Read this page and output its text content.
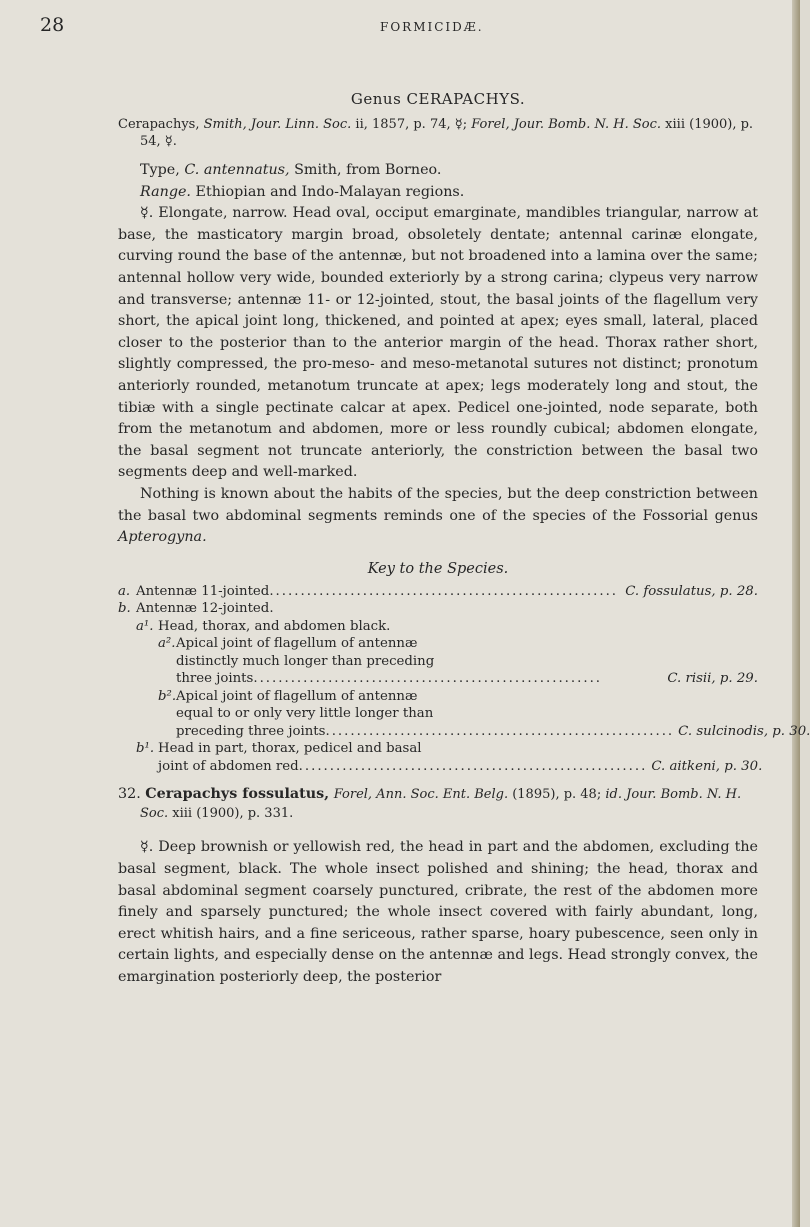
28	FORMICIDÆ.
Genus CERAPACHYS.

Cerapachys, Smith, Jour. Linn. Soc. ii, 1857, p. 74, ☿; Forel, Jour. Bomb. N. H. Soc. xiii (1900), p. 54, ☿.

Type, C. antennatus, Smith, from Borneo.

Range. Ethiopian and Indo-Malayan regions.

☿. Elongate, narrow. Head oval, occiput emarginate, mandibles triangular, narrow at base, the masticatory margin broad, obsoletely dentate; antennal carinæ elongate, curving round the base of the antennæ, but not broadened into a lamina over the same; antennal hollow very wide, bounded exteriorly by a strong carina; clypeus very narrow and transverse; antennæ 11- or 12-jointed, stout, the basal joints of the flagellum very short, the apical joint long, thickened, and pointed at apex; eyes small, lateral, placed closer to the posterior than to the anterior margin of the head. Thorax rather short, slightly compressed, the pro-meso- and meso-metanotal sutures not distinct; pronotum anteriorly rounded, metanotum truncate at apex; legs moderately long and stout, the tibiæ with a single pectinate calcar at apex. Pedicel one-jointed, node separate, both from the metanotum and abdomen, more or less roundly cubical; abdomen elongate, the basal segment not truncate anteriorly, the constriction between the basal two segments deep and well-marked.

Nothing is known about the habits of the species, but the deep constriction between the basal two abdominal segments reminds one of the species of the Fossorial genus Apterogyna.

Key to the Species.
a. Antennæ 11-jointed ........................................................ C. fossulatus, p. 28.
b. Antennæ 12-jointed.
a¹. Head, thorax, and abdomen black.
a². Apical joint of flagellum of antennæ
distinctly much longer than preceding
three joints ........................................................	C. risii, p. 29.
b². Apical joint of flagellum of antennæ
equal to or only very little longer than
preceding three joints ........................................................ C. sulcinodis, p. 30.
b¹. Head in part, thorax, pedicel and basal
joint of abdomen red ........................................................ C. aitkeni, p. 30.

32. Cerapachys fossulatus, Forel, Ann. Soc. Ent. Belg. (1895), p. 48; id. Jour. Bomb. N. H. Soc. xiii (1900), p. 331.

☿. Deep brownish or yellowish red, the head in part and the abdomen, excluding the basal segment, black. The whole insect polished and shining; the head, thorax and basal abdominal segment coarsely punctured, cribrate, the rest of the abdomen more finely and sparsely punctured; the whole insect covered with fairly abundant, long, erect whitish hairs, and a fine sericeous, rather sparse, hoary pubescence, seen only in certain lights, and especially dense on the antennæ and legs. Head strongly convex, the emargination posteriorly deep, the posterior
